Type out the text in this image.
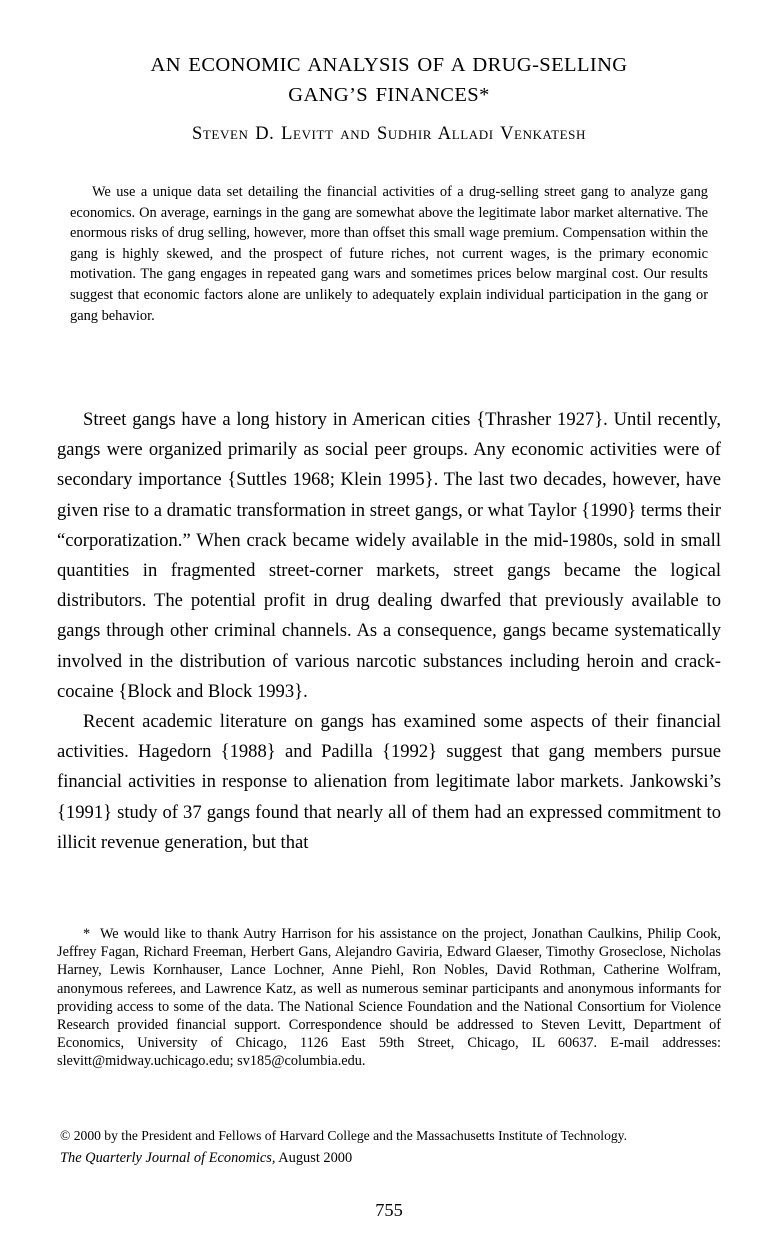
AN ECONOMIC ANALYSIS OF A DRUG-SELLING
GANG’S FINANCES*
Steven D. Levitt and Sudhir Alladi Venkatesh
We use a unique data set detailing the financial activities of a drug-selling street gang to analyze gang economics. On average, earnings in the gang are somewhat above the legitimate labor market alternative. The enormous risks of drug selling, however, more than offset this small wage premium. Compensation within the gang is highly skewed, and the prospect of future riches, not current wages, is the primary economic motivation. The gang engages in repeated gang wars and sometimes prices below marginal cost. Our results suggest that economic factors alone are unlikely to adequately explain individual participation in the gang or gang behavior.

Street gangs have a long history in American cities {Thrasher 1927}. Until recently, gangs were organized primarily as social peer groups. Any economic activities were of secondary importance {Suttles 1968; Klein 1995}. The last two decades, however, have given rise to a dramatic transformation in street gangs, or what Taylor {1990} terms their “corporatization.” When crack became widely available in the mid-1980s, sold in small quantities in fragmented street-corner markets, street gangs became the logical distributors. The potential profit in drug dealing dwarfed that previously available to gangs through other criminal channels. As a consequence, gangs became systematically involved in the distribution of various narcotic substances including heroin and crack-cocaine {Block and Block 1993}.

Recent academic literature on gangs has examined some aspects of their financial activities. Hagedorn {1988} and Padilla {1992} suggest that gang members pursue financial activities in response to alienation from legitimate labor markets. Jankowski’s {1991} study of 37 gangs found that nearly all of them had an expressed commitment to illicit revenue generation, but that

* We would like to thank Autry Harrison for his assistance on the project, Jonathan Caulkins, Philip Cook, Jeffrey Fagan, Richard Freeman, Herbert Gans, Alejandro Gaviria, Edward Glaeser, Timothy Groseclose, Nicholas Harney, Lewis Kornhauser, Lance Lochner, Anne Piehl, Ron Nobles, David Rothman, Catherine Wolfram, anonymous referees, and Lawrence Katz, as well as numerous seminar participants and anonymous informants for providing access to some of the data. The National Science Foundation and the National Consortium for Violence Research provided financial support. Correspondence should be addressed to Steven Levitt, Department of Economics, University of Chicago, 1126 East 59th Street, Chicago, IL 60637. E-mail addresses: slevitt@midway.uchicago.edu; sv185@columbia.edu.

© 2000 by the President and Fellows of Harvard College and the Massachusetts Institute of Technology.

The Quarterly Journal of Economics, August 2000

755
